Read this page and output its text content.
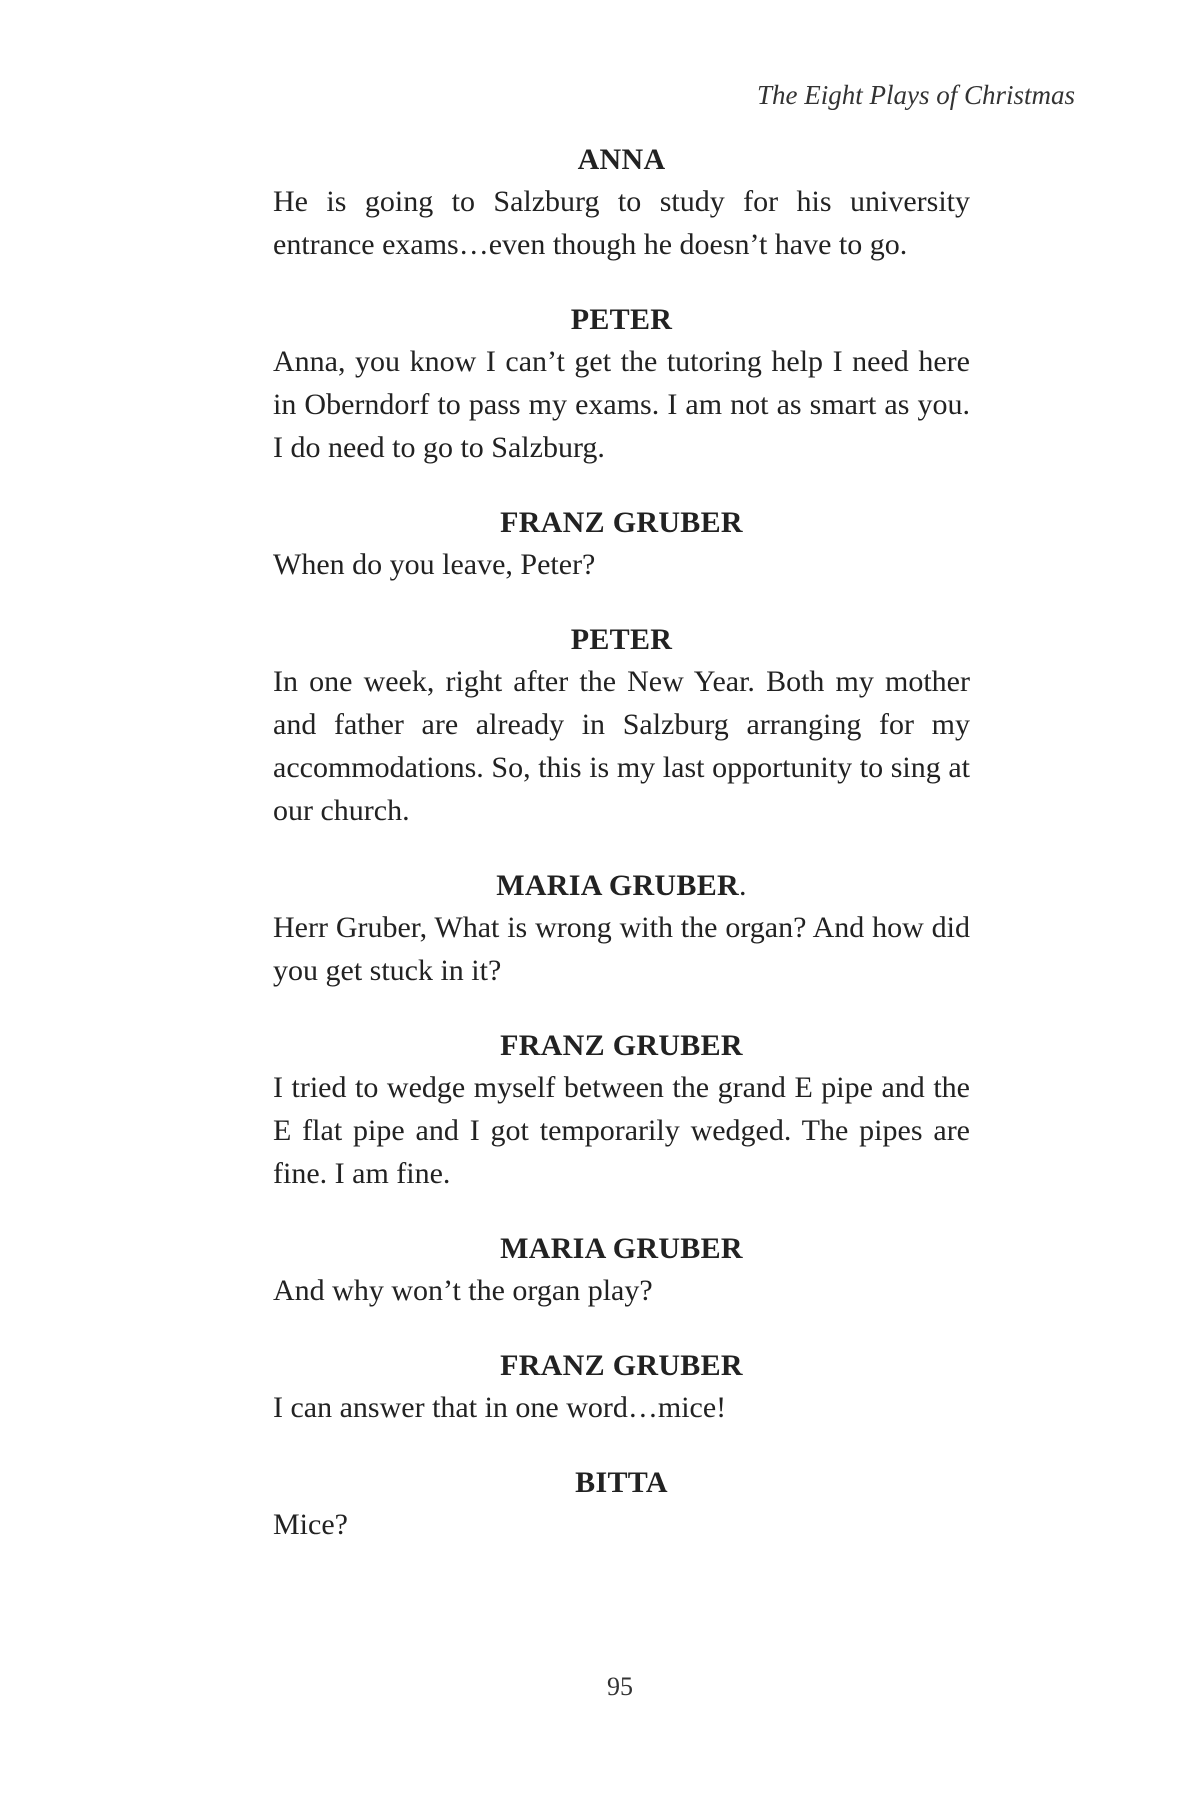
The Eight Plays of Christmas
ANNA
He is going to Salzburg to study for his university entrance exams…even though he doesn’t have to go.
PETER
Anna, you know I can’t get the tutoring help I need here in Oberndorf to pass my exams. I am not as smart as you. I do need to go to Salzburg.
FRANZ GRUBER
When do you leave, Peter?
PETER
In one week, right after the New Year. Both my mother and father are already in Salzburg arranging for my accommodations. So, this is my last opportunity to sing at our church.
MARIA GRUBER.
Herr Gruber, What is wrong with the organ? And how did you get stuck in it?
FRANZ GRUBER
I tried to wedge myself between the grand E pipe and the E flat pipe and I got temporarily wedged. The pipes are fine. I am fine.
MARIA GRUBER
And why won’t the organ play?
FRANZ GRUBER
I can answer that in one word…mice!
BITTA
Mice?
95
